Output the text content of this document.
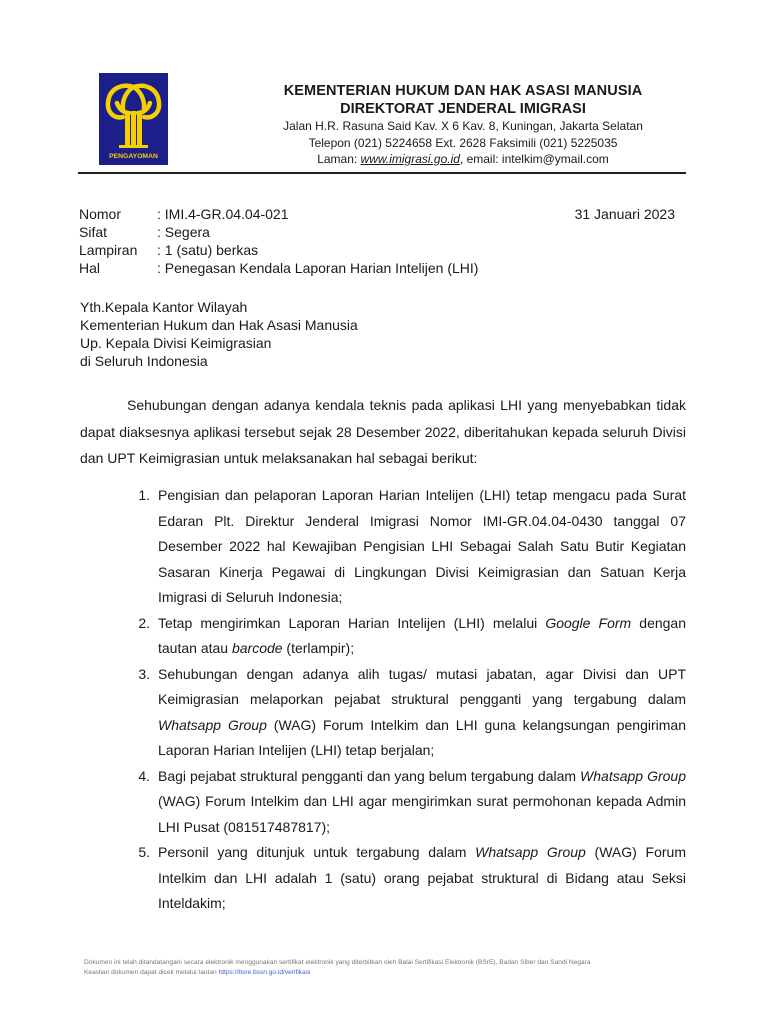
PENGAYOMAN
KEMENTERIAN HUKUM DAN HAK ASASI MANUSIA
DIREKTORAT JENDERAL IMIGRASI
Jalan H.R. Rasuna Said Kav. X 6 Kav. 8, Kuningan, Jakarta Selatan
Telepon (021) 5224658 Ext. 2628 Faksimili (021) 5225035
Laman: www.imigrasi.go.id, email: intelkim@ymail.com
Nomor	: IMI.4-GR.04.04-021
Sifat	: Segera
Lampiran	: 1 (satu) berkas
Hal	: Penegasan Kendala Laporan Harian Intelijen (LHI)
31 Januari 2023
Yth.Kepala Kantor Wilayah
Kementerian Hukum dan Hak Asasi Manusia
Up. Kepala Divisi Keimigrasian
di Seluruh Indonesia

Sehubungan dengan adanya kendala teknis pada aplikasi LHI yang menyebabkan tidak dapat diaksesnya aplikasi tersebut sejak 28 Desember 2022, diberitahukan kepada seluruh Divisi dan UPT Keimigrasian untuk melaksanakan hal sebagai berikut:

1. Pengisian dan pelaporan Laporan Harian Intelijen (LHI) tetap mengacu pada Surat Edaran Plt. Direktur Jenderal Imigrasi Nomor IMI-GR.04.04-0430 tanggal 07 Desember 2022 hal Kewajiban Pengisian LHI Sebagai Salah Satu Butir Kegiatan Sasaran Kinerja Pegawai di Lingkungan Divisi Keimigrasian dan Satuan Kerja Imigrasi di Seluruh Indonesia;
2. Tetap mengirimkan Laporan Harian Intelijen (LHI) melalui Google Form dengan tautan atau barcode (terlampir);
3. Sehubungan dengan adanya alih tugas/ mutasi jabatan, agar Divisi dan UPT Keimigrasian melaporkan pejabat struktural pengganti yang tergabung dalam Whatsapp Group (WAG) Forum Intelkim dan LHI guna kelangsungan pengiriman Laporan Harian Intelijen (LHI) tetap berjalan;
4. Bagi pejabat struktural pengganti dan yang belum tergabung dalam Whatsapp Group (WAG) Forum Intelkim dan LHI agar mengirimkan surat permohonan kepada Admin LHI Pusat (081517487817);
5. Personil yang ditunjuk untuk tergabung dalam Whatsapp Group (WAG) Forum Intelkim dan LHI adalah 1 (satu) orang pejabat struktural di Bidang atau Seksi Inteldakim;
Dokumen ini telah ditandatangani secara elektronik menggunakan sertifikat elektronik yang diterbitkan oleh Balai Sertifikasi Elektronik (BSrE), Badan Siber dan Sandi Negara
Keaslian dokumen dapat dicek melalui tautan https://bsre.bssn.go.id/verifikasi
